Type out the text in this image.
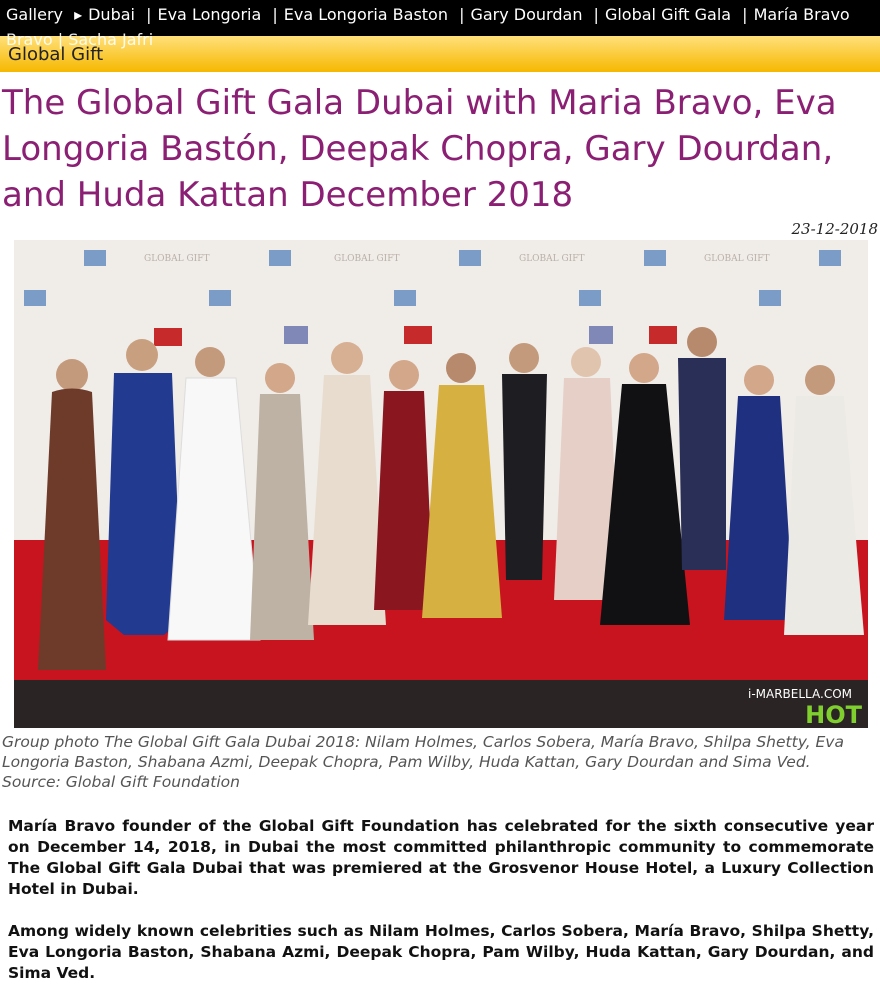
Gallery ▸ Dubai | Eva Longoria | Eva Longoria Baston | Gary Dourdan | Global Gift Gala | María Bravo
Bravo | Sacha Jafri
Global Gift
The Global Gift Gala Dubai with Maria Bravo, Eva Longoria Bastón, Deepak Chopra, Gary Dourdan, and Huda Kattan December 2018
23-12-2018
GLOBAL GIFT	GLOBAL GIFT	GLOBAL GIFT	GLOBAL GIFT
i-MARBELLA.COM
HOT
Group photo The Global Gift Gala Dubai 2018: Nilam Holmes, Carlos Sobera, María Bravo, Shilpa Shetty, Eva Longoria Baston, Shabana Azmi, Deepak Chopra, Pam Wilby, Huda Kattan, Gary Dourdan and Sima Ved. Source: Global Gift Foundation

María Bravo founder of the Global Gift Foundation has celebrated for the sixth consecutive year on December 14, 2018, in Dubai the most committed philanthropic community to commemorate The Global Gift Gala Dubai that was premiered at the Grosvenor House Hotel, a Luxury Collection Hotel in Dubai.

Among widely known celebrities such as Nilam Holmes, Carlos Sobera, María Bravo, Shilpa Shetty, Eva Longoria Baston, Shabana Azmi, Deepak Chopra, Pam Wilby, Huda Kattan, Gary Dourdan, and Sima Ved.
